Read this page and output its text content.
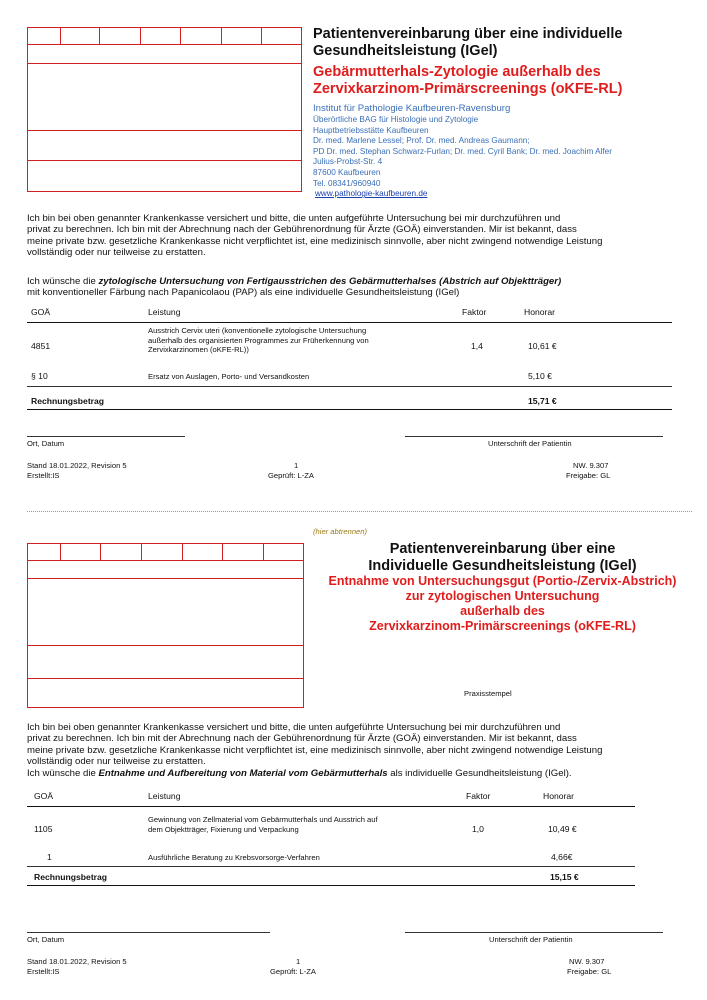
Patientenvereinbarung über eine individuelle Gesundheitsleistung (IGel)
Gebärmutterhals-Zytologie außerhalb des Zervixkarzinom-Primärscreenings (oKFE-RL)
Institut für Pathologie Kaufbeuren-Ravensburg
Überörtliche BAG für Histologie und Zytologie
Hauptbetriebsstätte Kaufbeuren
Dr. med. Marlene Lessel; Prof. Dr. med. Andreas Gaumann;
PD Dr. med. Stephan Schwarz-Furlan; Dr. med. Cyril Bank; Dr. med. Joachim Alfer
Julius-Probst-Str. 4
87600 Kaufbeuren
Tel. 08341/960940
www.pathologie-kaufbeuren.de
Ich bin bei oben genannter Krankenkasse versichert und bitte, die unten aufgeführte Untersuchung bei mir durchzuführen und
privat zu berechnen. Ich bin mit der Abrechnung nach der Gebührenordnung für Ärzte (GOÄ) einverstanden. Mir ist bekannt, dass
meine private bzw. gesetzliche Krankenkasse nicht verpflichtet ist, eine medizinisch sinnvolle, aber nicht zwingend notwendige Leistung
vollständig oder nur teilweise zu erstatten.
Ich wünsche die zytologische Untersuchung von Fertigausstrichen des Gebärmutterhalses (Abstrich auf Objektträger)
mit konventioneller Färbung nach Papanicolaou (PAP) als eine individuelle Gesundheitsleistung (IGel)
GOÄ	Leistung	Faktor	Honorar
4851
Ausstrich Cervix uteri (konventionelle zytologische Untersuchung
außerhalb des organisierten Programmes zur Früherkennung von
Zervixkarzinomen (oKFE-RL))	1,4	10,61 €
§ 10	Ersatz von Auslagen, Porto- und Versandkosten	5,10 €
Rechnungsbetrag	15,71 €
Ort, Datum	Unterschrift der Patientin
Stand 18.01.2022, Revision 5
Erstellt:IS
1
Geprüft: L-ZA
NW. 9.307
Freigabe: GL
(hier abtrennen)
Patientenvereinbarung über eine
Individuelle Gesundheitsleistung (IGel)
Entnahme von Untersuchungsgut (Portio-/Zervix-Abstrich)
zur zytologischen Untersuchung
außerhalb des
Zervixkarzinom-Primärscreenings (oKFE-RL)
Praxisstempel
Ich bin bei oben genannter Krankenkasse versichert und bitte, die unten aufgeführte Untersuchung bei mir durchzuführen und
privat zu berechnen. Ich bin mit der Abrechnung nach der Gebührenordnung für Ärzte (GOÄ) einverstanden. Mir ist bekannt, dass
meine private bzw. gesetzliche Krankenkasse nicht verpflichtet ist, eine medizinisch sinnvolle, aber nicht zwingend notwendige Leistung
vollständig oder nur teilweise zu erstatten.
Ich wünsche die Entnahme und Aufbereitung von Material vom Gebärmutterhals als individuelle Gesundheitsleistung (IGel).
GOÄ	Leistung	Faktor	Honorar
1105
Gewinnung von Zellmaterial vom Gebärmutterhals und Ausstrich auf
dem Objektträger, Fixierung und Verpackung	1,0	10,49 €
1	Ausführliche Beratung zu Krebsvorsorge-Verfahren	4,66€
Rechnungsbetrag	15,15 €
Ort, Datum	Unterschrift der Patientin
Stand 18.01.2022, Revision 5
Erstellt:IS
1
Geprüft: L-ZA
NW. 9.307
Freigabe: GL
